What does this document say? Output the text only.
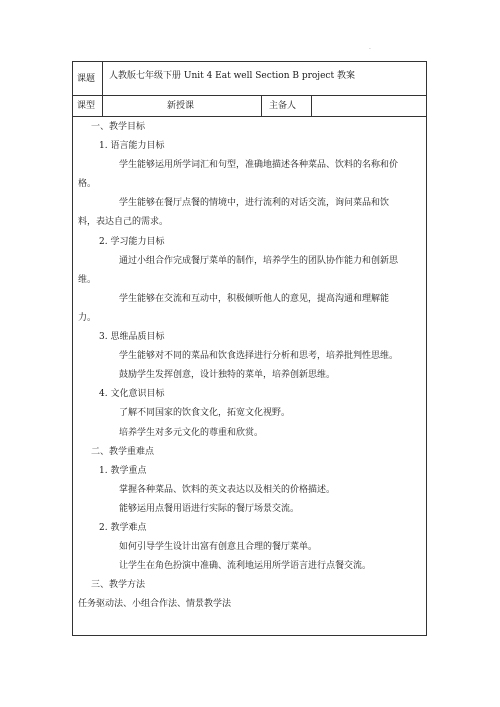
·
课题 人教版七年级下册 Unit 4 Eat well Section B project 教案
课型	新授课	主备人
一、教学目标
1. 语言能力目标
学生能够运用所学词汇和句型，准确地描述各种菜品、饮料的名称和价
格。
学生能够在餐厅点餐的情境中，进行流利的对话交流，询问菜品和饮
料，表达自己的需求。
2. 学习能力目标
通过小组合作完成餐厅菜单的制作，培养学生的团队协作能力和创新思
维。
学生能够在交流和互动中，积极倾听他人的意见，提高沟通和理解能
力。
3. 思维品质目标
学生能够对不同的菜品和饮食选择进行分析和思考，培养批判性思维。
鼓励学生发挥创意，设计独特的菜单，培养创新思维。
4. 文化意识目标
了解不同国家的饮食文化，拓宽文化视野。
培养学生对多元文化的尊重和欣赏。
二、教学重难点
1. 教学重点
掌握各种菜品、饮料的英文表达以及相关的价格描述。
能够运用点餐用语进行实际的餐厅场景交流。
2. 教学难点
如何引导学生设计出富有创意且合理的餐厅菜单。
让学生在角色扮演中准确、流利地运用所学语言进行点餐交流。
三、教学方法
任务驱动法、小组合作法、情景教学法
